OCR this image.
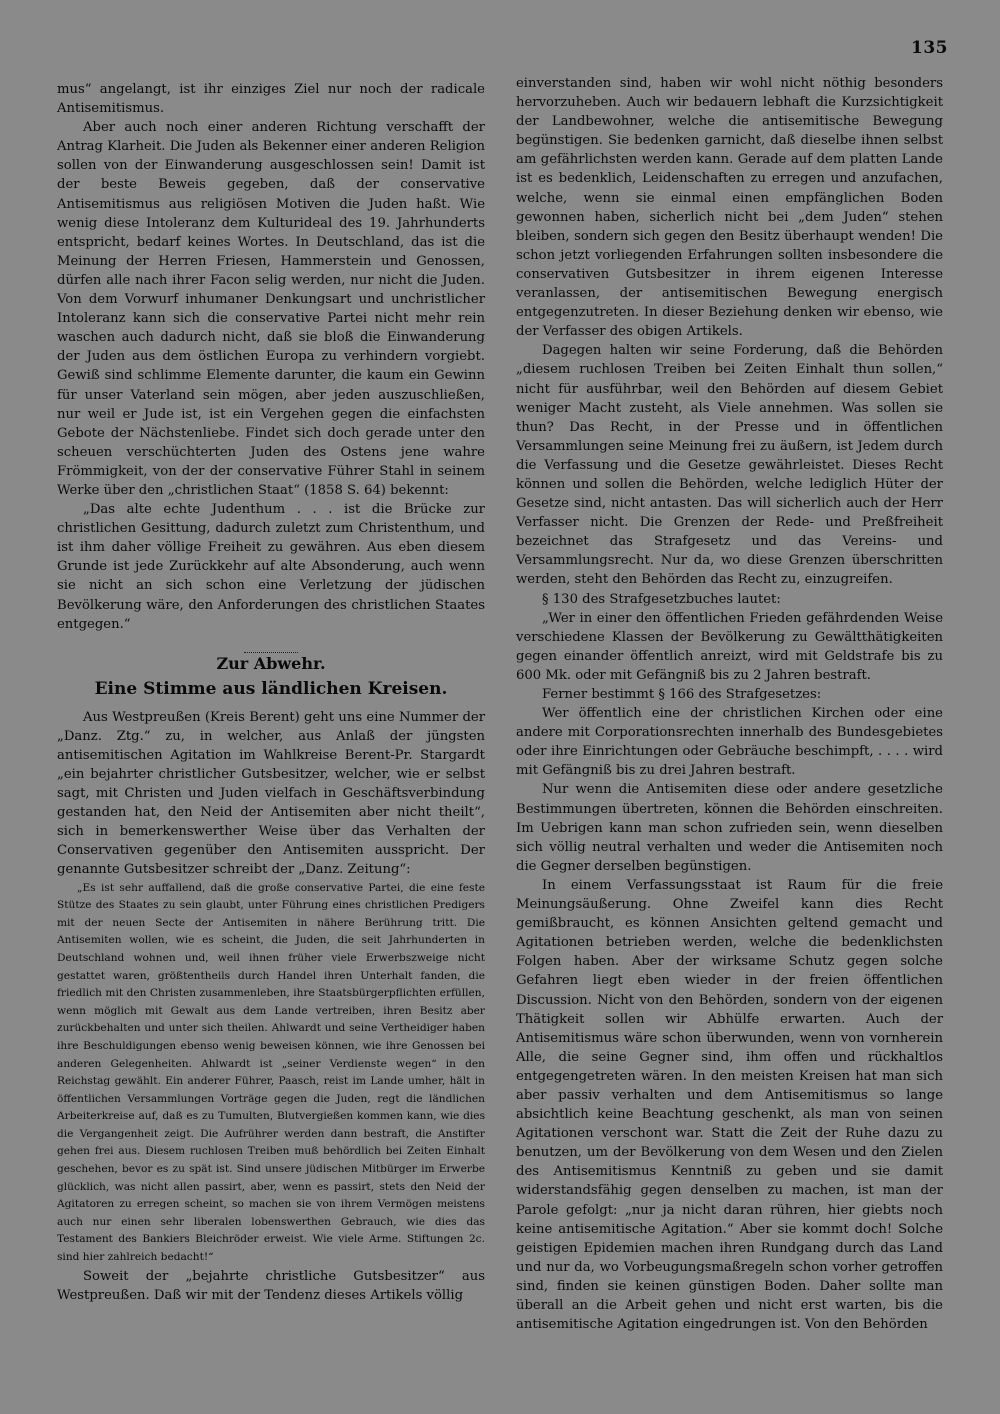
135

mus“ angelangt, ist ihr einziges Ziel nur noch der radicale Antisemitismus.

Aber auch noch einer anderen Richtung verschafft der Antrag Klarheit. Die Juden als Bekenner einer anderen Religion sollen von der Einwanderung ausgeschlossen sein! Damit ist der beste Beweis gegeben, daß der conservative Antisemitismus aus religiösen Motiven die Juden haßt. Wie wenig diese Intoleranz dem Kulturideal des 19. Jahrhunderts entspricht, bedarf keines Wortes. In Deutschland, das ist die Meinung der Herren Friesen, Hammerstein und Genossen, dürfen alle nach ihrer Facon selig werden, nur nicht die Juden. Von dem Vorwurf inhumaner Denkungsart und unchristlicher Intoleranz kann sich die conservative Partei nicht mehr rein waschen auch dadurch nicht, daß sie bloß die Einwanderung der Juden aus dem östlichen Europa zu verhindern vorgiebt. Gewiß sind schlimme Elemente darunter, die kaum ein Gewinn für unser Vaterland sein mögen, aber jeden auszuschließen, nur weil er Jude ist, ist ein Vergehen gegen die einfachsten Gebote der Nächstenliebe. Findet sich doch gerade unter den scheuen verschüchterten Juden des Ostens jene wahre Frömmigkeit, von der der conservative Führer Stahl in seinem Werke über den „christlichen Staat“ (1858 S. 64) bekennt:

„Das alte echte Judenthum . . . ist die Brücke zur christlichen Gesittung, dadurch zuletzt zum Christenthum, und ist ihm daher völlige Freiheit zu gewähren. Aus eben diesem Grunde ist jede Zurückkehr auf alte Absonderung, auch wenn sie nicht an sich schon eine Verletzung der jüdischen Bevölkerung wäre, den Anforderungen des christlichen Staates entgegen.“

Zur Abwehr.
Eine Stimme aus ländlichen Kreisen.

Aus Westpreußen (Kreis Berent) geht uns eine Nummer der „Danz. Ztg.“ zu, in welcher, aus Anlaß der jüngsten antisemitischen Agitation im Wahlkreise Berent-Pr. Stargardt „ein bejahrter christlicher Gutsbesitzer, welcher, wie er selbst sagt, mit Christen und Juden vielfach in Geschäftsverbindung gestanden hat, den Neid der Antisemiten aber nicht theilt“, sich in bemerkenswerther Weise über das Verhalten der Conservativen gegenüber den Antisemiten ausspricht. Der genannte Gutsbesitzer schreibt der „Danz. Zeitung“:

„Es ist sehr auffallend, daß die große conservative Partei, die eine feste Stütze des Staates zu sein glaubt, unter Führung eines christlichen Predigers mit der neuen Secte der Antisemiten in nähere Berührung tritt. Die Antisemiten wollen, wie es scheint, die Juden, die seit Jahrhunderten in Deutschland wohnen und, weil ihnen früher viele Erwerbszweige nicht gestattet waren, größtentheils durch Handel ihren Unterhalt fanden, die friedlich mit den Christen zusammenleben, ihre Staatsbürgerpflichten erfüllen, wenn möglich mit Gewalt aus dem Lande vertreiben, ihren Besitz aber zurückbehalten und unter sich theilen. Ahlwardt und seine Vertheidiger haben ihre Beschuldigungen ebenso wenig beweisen können, wie ihre Genossen bei anderen Gelegenheiten. Ahlwardt ist „seiner Verdienste wegen“ in den Reichstag gewählt. Ein anderer Führer, Paasch, reist im Lande umher, hält in öffentlichen Versammlungen Vorträge gegen die Juden, regt die ländlichen Arbeiterkreise auf, daß es zu Tumulten, Blutvergießen kommen kann, wie dies die Vergangenheit zeigt. Die Aufrührer werden dann bestraft, die Anstifter gehen frei aus. Diesem ruchlosen Treiben muß behördlich bei Zeiten Einhalt geschehen, bevor es zu spät ist. Sind unsere jüdischen Mitbürger im Erwerbe glücklich, was nicht allen passirt, aber, wenn es passirt, stets den Neid der Agitatoren zu erregen scheint, so machen sie von ihrem Vermögen meistens auch nur einen sehr liberalen lobenswerthen Gebrauch, wie dies das Testament des Bankiers Bleichröder erweist. Wie viele Arme. Stiftungen 2c. sind hier zahlreich bedacht!“

Soweit der „bejahrte christliche Gutsbesitzer“ aus Westpreußen. Daß wir mit der Tendenz dieses Artikels völlig

einverstanden sind, haben wir wohl nicht nöthig besonders hervorzuheben. Auch wir bedauern lebhaft die Kurzsichtigkeit der Landbewohner, welche die antisemitische Bewegung begünstigen. Sie bedenken garnicht, daß dieselbe ihnen selbst am gefährlichsten werden kann. Gerade auf dem platten Lande ist es bedenklich, Leidenschaften zu erregen und anzufachen, welche, wenn sie einmal einen empfänglichen Boden gewonnen haben, sicherlich nicht bei „dem Juden“ stehen bleiben, sondern sich gegen den Besitz überhaupt wenden! Die schon jetzt vorliegenden Erfahrungen sollten insbesondere die conservativen Gutsbesitzer in ihrem eigenen Interesse veranlassen, der antisemitischen Bewegung energisch entgegenzutreten. In dieser Beziehung denken wir ebenso, wie der Verfasser des obigen Artikels.

Dagegen halten wir seine Forderung, daß die Behörden „diesem ruchlosen Treiben bei Zeiten Einhalt thun sollen,“ nicht für ausführbar, weil den Behörden auf diesem Gebiet weniger Macht zusteht, als Viele annehmen. Was sollen sie thun? Das Recht, in der Presse und in öffentlichen Versammlungen seine Meinung frei zu äußern, ist Jedem durch die Verfassung und die Gesetze gewährleistet. Dieses Recht können und sollen die Behörden, welche lediglich Hüter der Gesetze sind, nicht antasten. Das will sicherlich auch der Herr Verfasser nicht. Die Grenzen der Rede- und Preßfreiheit bezeichnet das Strafgesetz und das Vereins- und Versammlungsrecht. Nur da, wo diese Grenzen überschritten werden, steht den Behörden das Recht zu, einzugreifen.

§ 130 des Strafgesetzbuches lautet:

„Wer in einer den öffentlichen Frieden gefährdenden Weise verschiedene Klassen der Bevölkerung zu Gewältthätigkeiten gegen einander öffentlich anreizt, wird mit Geldstrafe bis zu 600 Mk. oder mit Gefängniß bis zu 2 Jahren bestraft.

Ferner bestimmt § 166 des Strafgesetzes:

Wer öffentlich eine der christlichen Kirchen oder eine andere mit Corporationsrechten innerhalb des Bundesgebietes oder ihre Einrichtungen oder Gebräuche beschimpft, . . . . wird mit Gefängniß bis zu drei Jahren bestraft.

Nur wenn die Antisemiten diese oder andere gesetzliche Bestimmungen übertreten, können die Behörden einschreiten. Im Uebrigen kann man schon zufrieden sein, wenn dieselben sich völlig neutral verhalten und weder die Antisemiten noch die Gegner derselben begünstigen.

In einem Verfassungsstaat ist Raum für die freie Meinungsäußerung. Ohne Zweifel kann dies Recht gemißbraucht, es können Ansichten geltend gemacht und Agitationen betrieben werden, welche die bedenklichsten Folgen haben. Aber der wirksame Schutz gegen solche Gefahren liegt eben wieder in der freien öffentlichen Discussion. Nicht von den Behörden, sondern von der eigenen Thätigkeit sollen wir Abhülfe erwarten. Auch der Antisemitismus wäre schon überwunden, wenn von vornherein Alle, die seine Gegner sind, ihm offen und rückhaltlos entgegengetreten wären. In den meisten Kreisen hat man sich aber passiv verhalten und dem Antisemitismus so lange absichtlich keine Beachtung geschenkt, als man von seinen Agitationen verschont war. Statt die Zeit der Ruhe dazu zu benutzen, um der Bevölkerung von dem Wesen und den Zielen des Antisemitismus Kenntniß zu geben und sie damit widerstandsfähig gegen denselben zu machen, ist man der Parole gefolgt: „nur ja nicht daran rühren, hier giebts noch keine antisemitische Agitation.“ Aber sie kommt doch! Solche geistigen Epidemien machen ihren Rundgang durch das Land und nur da, wo Vorbeugungsmaßregeln schon vorher getroffen sind, finden sie keinen günstigen Boden. Daher sollte man überall an die Arbeit gehen und nicht erst warten, bis die antisemitische Agitation eingedrungen ist. Von den Behörden
